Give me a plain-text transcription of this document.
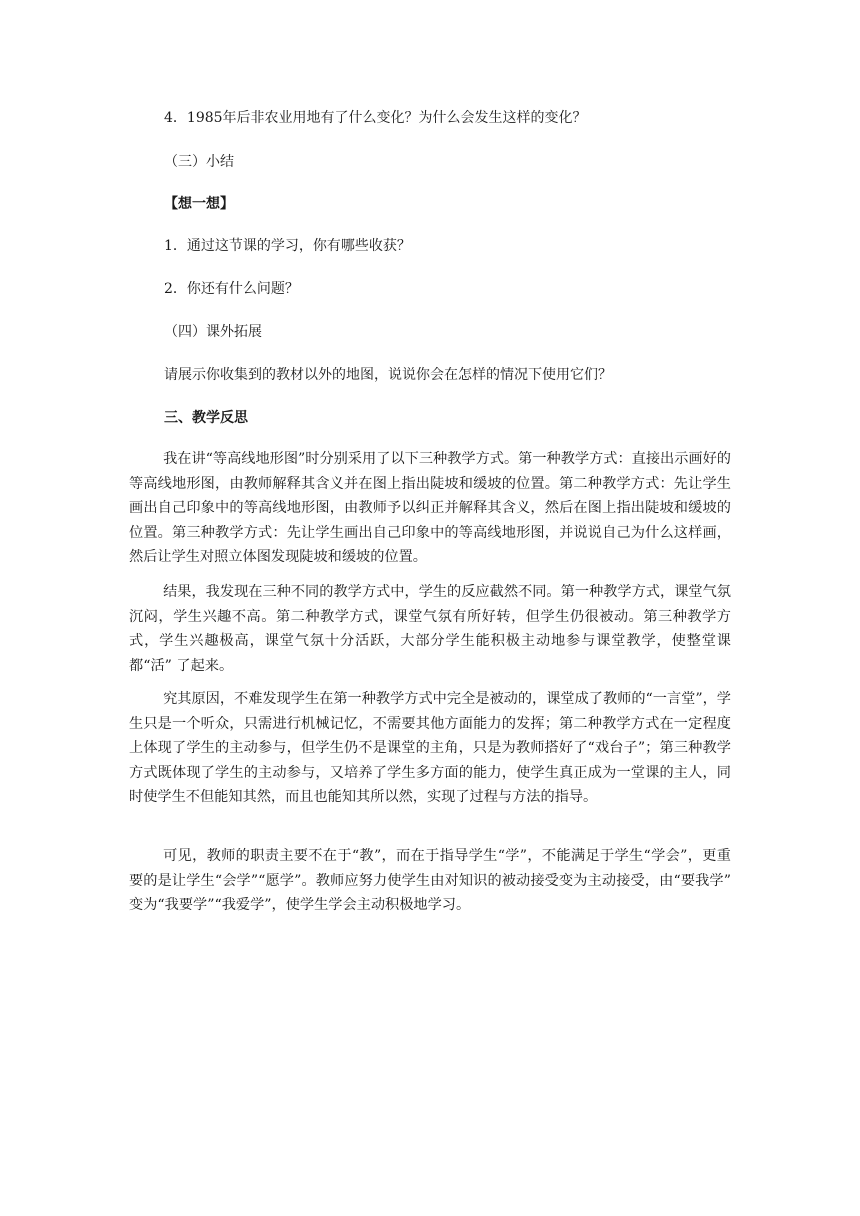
4．1985年后非农业用地有了什么变化？为什么会发生这样的变化？
（三）小结
【想一想】
1．通过这节课的学习，你有哪些收获？
2．你还有什么问题？
（四）课外拓展
请展示你收集到的教材以外的地图，说说你会在怎样的情况下使用它们？
三、教学反思
我在讲“等高线地形图”时分别采用了以下三种教学方式。第一种教学方式：直接出示画好的等高线地形图，由教师解释其含义并在图上指出陡坡和缓坡的位置。第二种教学方式：先让学生画出自己印象中的等高线地形图，由教师予以纠正并解释其含义，然后在图上指出陡坡和缓坡的位置。第三种教学方式：先让学生画出自己印象中的等高线地形图，并说说自己为什么这样画，然后让学生对照立体图发现陡坡和缓坡的位置。
结果，我发现在三种不同的教学方式中，学生的反应截然不同。第一种教学方式，课堂气氛沉闷，学生兴趣不高。第二种教学方式，课堂气氛有所好转，但学生仍很被动。第三种教学方式，学生兴趣极高，课堂气氛十分活跃，大部分学生能积极主动地参与课堂教学，使整堂课都“活” 了起来。
究其原因，不难发现学生在第一种教学方式中完全是被动的，课堂成了教师的“一言堂”，学生只是一个听众，只需进行机械记忆，不需要其他方面能力的发挥；第二种教学方式在一定程度上体现了学生的主动参与，但学生仍不是课堂的主角，只是为教师搭好了“戏台子”；第三种教学方式既体现了学生的主动参与，又培养了学生多方面的能力，使学生真正成为一堂课的主人，同时使学生不但能知其然，而且也能知其所以然，实现了过程与方法的指导。
可见，教师的职责主要不在于“教”，而在于指导学生“学”，不能满足于学生“学会”，更重要的是让学生“会学”“愿学”。教师应努力使学生由对知识的被动接受变为主动接受，由“要我学” 变为“我要学”“我爱学”，使学生学会主动积极地学习。
